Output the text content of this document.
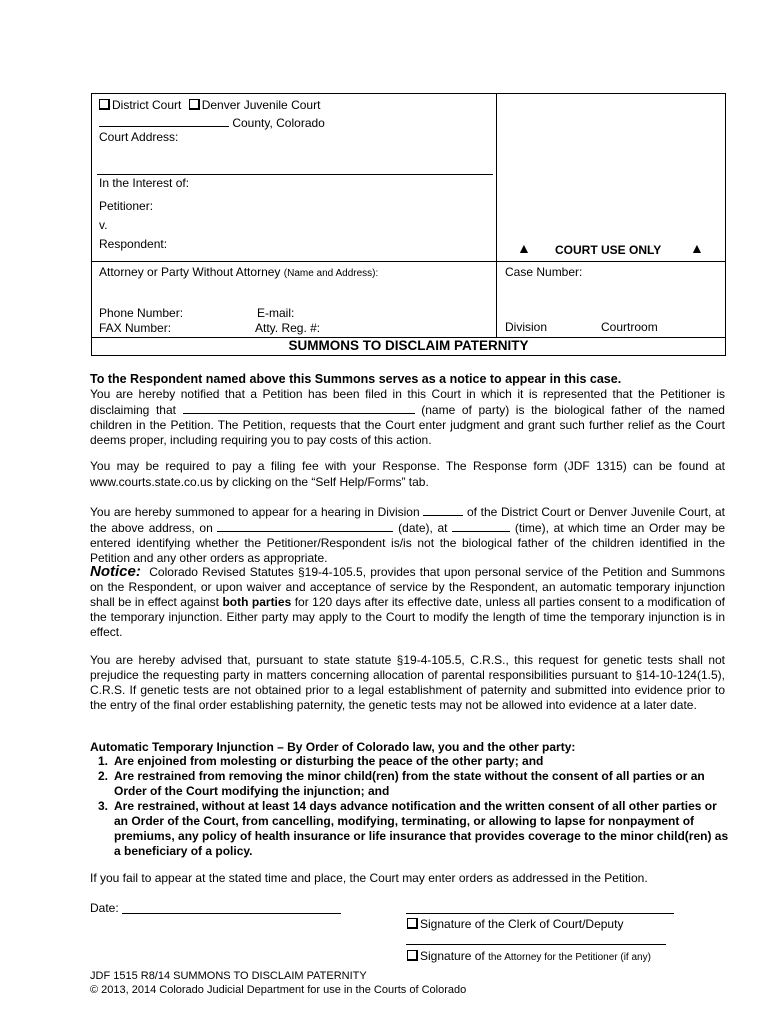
District Court Denver Juvenile Court
County, Colorado
Court Address:
In the Interest of:
Petitioner:
v.
Respondent:	▲ COURT USE ONLY ▲
Attorney or Party Without Attorney (Name and Address):	Case Number:
Phone Number:	E-mail:
FAX Number:	Atty. Reg. #:	Division	Courtroom
SUMMONS TO DISCLAIM PATERNITY
To the Respondent named above this Summons serves as a notice to appear in this case.
You are hereby notified that a Petition has been filed in this Court in which it is represented that the Petitioner is disclaiming that	(name of party) is the biological father of the named children in the Petition. The Petition, requests that the Court enter judgment and grant such further relief as the Court deems proper, including requiring you to pay costs of this action.
You may be required to pay a filing fee with your Response. The Response form (JDF 1315) can be found at www.courts.state.co.us by clicking on the “Self Help/Forms” tab.
You are hereby summoned to appear for a hearing in Division	of the District Court or Denver Juvenile Court, at the above address, on	(date), at	(time), at which time an Order may be entered identifying whether the Petitioner/Respondent is/is not the biological father of the children identified in the Petition and any other orders as appropriate.
Notice: Colorado Revised Statutes §19-4-105.5, provides that upon personal service of the Petition and Summons on the Respondent, or upon waiver and acceptance of service by the Respondent, an automatic temporary injunction shall be in effect against both parties for 120 days after its effective date, unless all parties consent to a modification of the temporary injunction. Either party may apply to the Court to modify the length of time the temporary injunction is in effect.
You are hereby advised that, pursuant to state statute §19-4-105.5, C.R.S., this request for genetic tests shall not prejudice the requesting party in matters concerning allocation of parental responsibilities pursuant to §14-10-124(1.5), C.R.S. If genetic tests are not obtained prior to a legal establishment of paternity and submitted into evidence prior to the entry of the final order establishing paternity, the genetic tests may not be allowed into evidence at a later date.
Automatic Temporary Injunction – By Order of Colorado law, you and the other party:
1. Are enjoined from molesting or disturbing the peace of the other party; and
2. Are restrained from removing the minor child(ren) from the state without the consent of all parties or an Order of the Court modifying the injunction; and
3. Are restrained, without at least 14 days advance notification and the written consent of all other parties or an Order of the Court, from cancelling, modifying, terminating, or allowing to lapse for nonpayment of premiums, any policy of health insurance or life insurance that provides coverage to the minor child(ren) as a beneficiary of a policy.
If you fail to appear at the stated time and place, the Court may enter orders as addressed in the Petition.
Date:
Signature of the Clerk of Court/Deputy
Signature of the Attorney for the Petitioner (if any)
JDF 1515 R8/14 SUMMONS TO DISCLAIM PATERNITY
© 2013, 2014 Colorado Judicial Department for use in the Courts of Colorado
